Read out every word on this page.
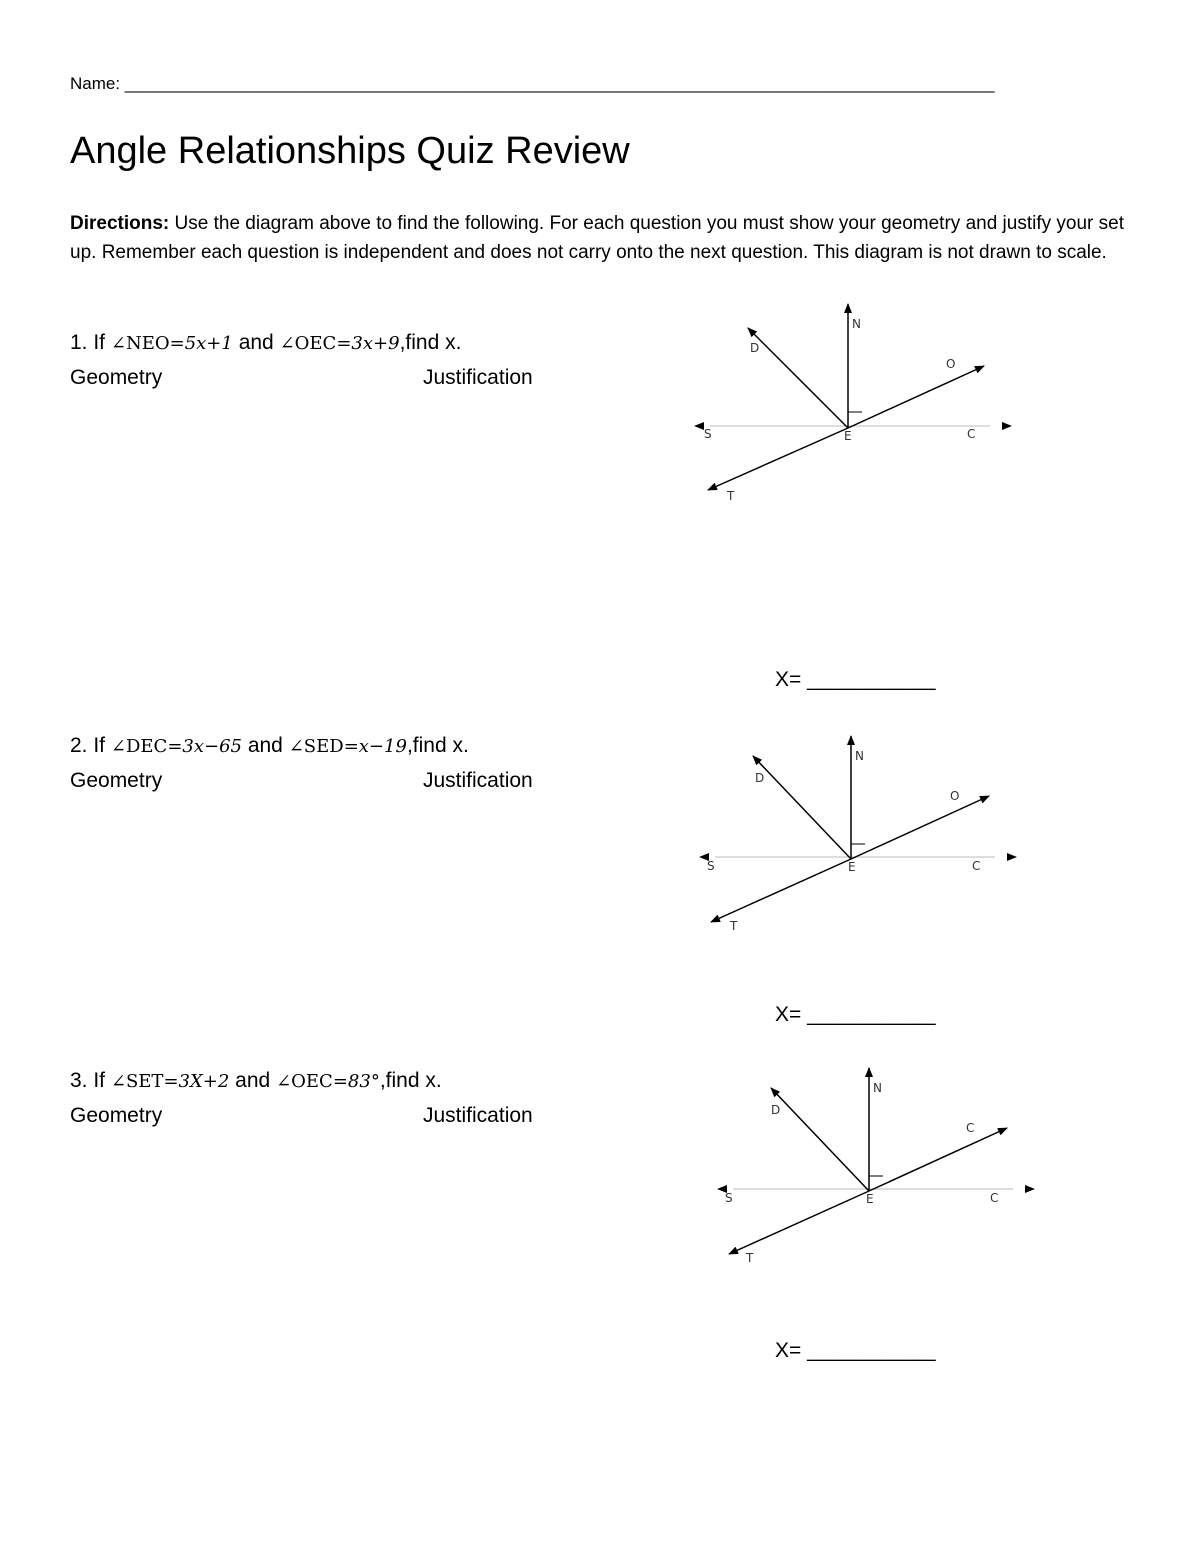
Name: ____________________________________________________________________________________________
Angle Relationships Quiz Review
Directions: Use the diagram above to find the following. For each question you must show your geometry and justify your set up. Remember each question is independent and does not carry onto the next question. This diagram is not drawn to scale.
1. If ∠NEO=5x+1 and ∠OEC=3x+9,find x.
Geometry	Justification
X= ___________
2. If ∠DEC=3x−65 and ∠SED=x−19,find x.
Geometry	Justification
X= ___________
3. If ∠SET=3X+2 and ∠OEC=83°,find x.
Geometry	Justification
X= ___________
N
D
O
S	C
E
T
N
D
O
S	C
E
T
N
D
C
S	C
E
T
